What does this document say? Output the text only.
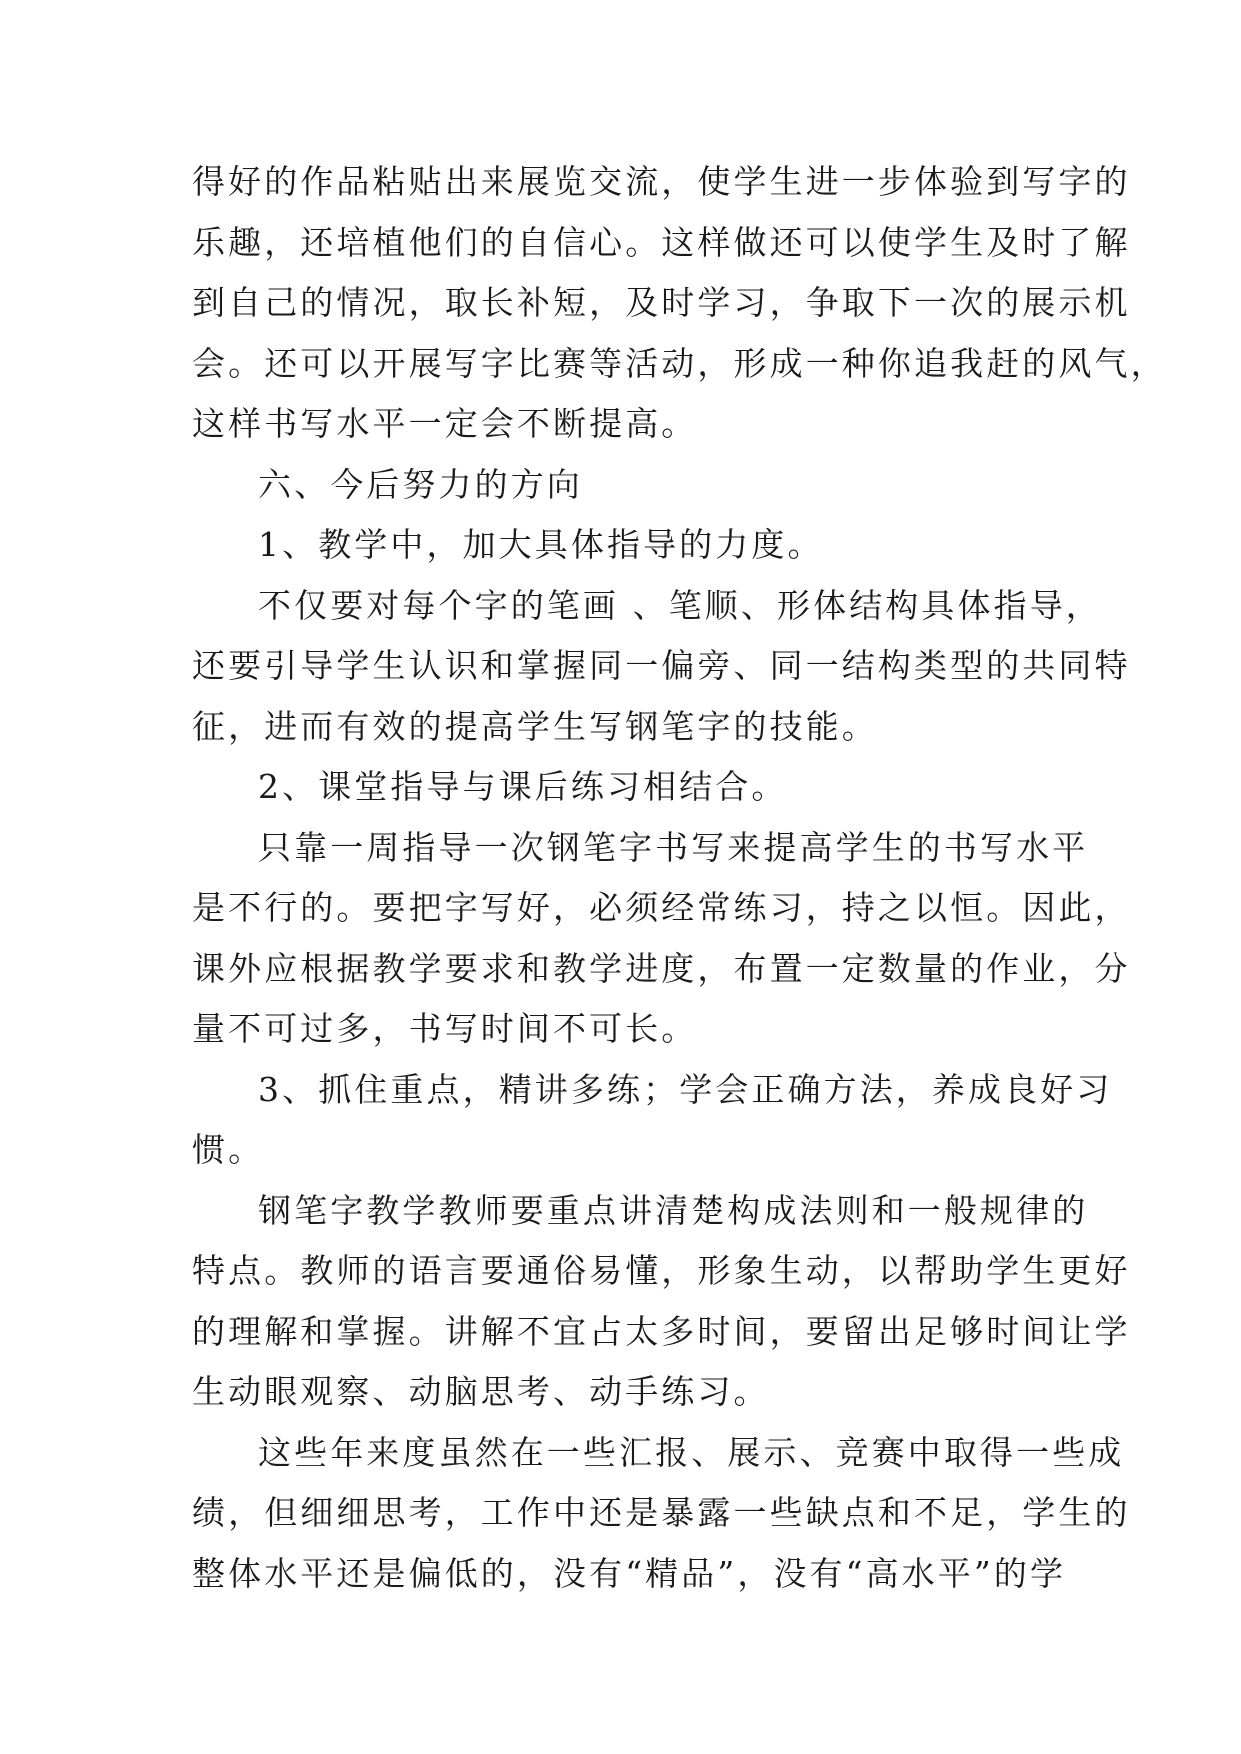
得好的作品粘贴出来展览交流，使学生进一步体验到写字的
乐趣，还培植他们的自信心。这样做还可以使学生及时了解
到自己的情况，取长补短，及时学习，争取下一次的展示机
会。还可以开展写字比赛等活动，形成一种你追我赶的风气，
这样书写水平一定会不断提高。
六、今后努力的方向
1、教学中，加大具体指导的力度。
不仅要对每个字的笔画 、笔顺、形体结构具体指导，
还要引导学生认识和掌握同一偏旁、同一结构类型的共同特
征，进而有效的提高学生写钢笔字的技能。
2、课堂指导与课后练习相结合。
只靠一周指导一次钢笔字书写来提高学生的书写水平
是不行的。要把字写好，必须经常练习，持之以恒。因此，
课外应根据教学要求和教学进度，布置一定数量的作业，分
量不可过多，书写时间不可长。
3、抓住重点，精讲多练；学会正确方法，养成良好习
惯。
钢笔字教学教师要重点讲清楚构成法则和一般规律的
特点。教师的语言要通俗易懂，形象生动，以帮助学生更好
的理解和掌握。讲解不宜占太多时间，要留出足够时间让学
生动眼观察、动脑思考、动手练习。
这些年来度虽然在一些汇报、展示、竞赛中取得一些成
绩，但细细思考，工作中还是暴露一些缺点和不足，学生的
整体水平还是偏低的，没有“精品”，没有“高水平”的学
